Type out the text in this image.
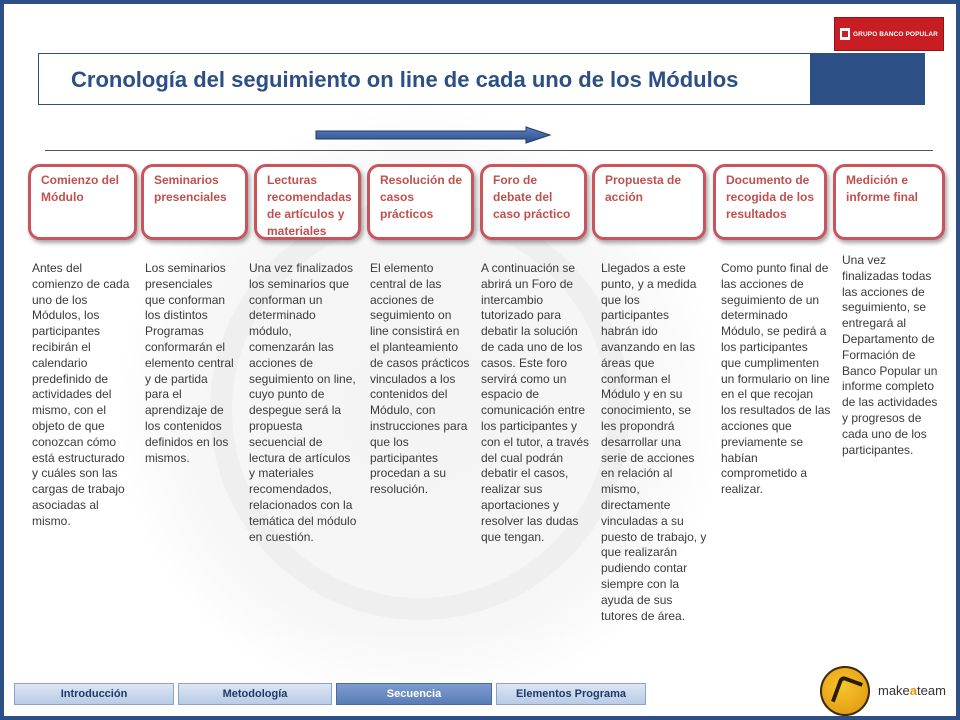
GRUPO BANCO POPULAR
Cronología del seguimiento on line de cada uno de los Módulos
Comienzo del Módulo
Seminarios presenciales
Lecturas recomendadas de artículos y materiales
Resolución de casos prácticos
Foro de debate del caso práctico
Propuesta de acción
Documento de recogida de los resultados
Medición e informe final
Antes del comienzo de cada uno de los Módulos, los participantes recibirán el calendario predefinido de actividades del mismo, con el objeto de que conozcan cómo está estructurado y cuáles son las cargas de trabajo asociadas al mismo.
Los seminarios presenciales que conforman los distintos Programas conformarán el elemento central y de partida para el aprendizaje de los contenidos definidos en los mismos.
Una vez finalizados los seminarios que conforman un determinado módulo, comenzarán las acciones de seguimiento on line, cuyo punto de despegue será la propuesta secuencial de lectura de artículos y materiales recomendados, relacionados con la temática del módulo en cuestión.
El elemento central de las acciones de seguimiento on line consistirá en el planteamiento de casos prácticos vinculados a los contenidos del Módulo, con instrucciones para que los participantes procedan a su resolución.
A continuación se abrirá un Foro de intercambio tutorizado para debatir la solución de cada uno de los casos. Este foro servirá como un espacio de comunicación entre los participantes y con el tutor, a través del cual podrán debatir el casos, realizar sus aportaciones y resolver las dudas que tengan.
Llegados a este punto, y a medida que los participantes habrán ido avanzando en las áreas que conforman el Módulo y en su conocimiento, se les propondrá desarrollar una serie de acciones en relación al mismo, directamente vinculadas a su puesto de trabajo, y que realizarán pudiendo contar siempre con la ayuda de sus tutores de área.
Como punto final de las acciones de seguimiento de un determinado Módulo, se pedirá a los participantes que cumplimenten un formulario on line en el que recojan los resultados de las acciones que previamente se habían comprometido a realizar.
Una vez finalizadas todas las acciones de seguimiento, se entregará al Departamento de Formación de Banco Popular un informe completo de las actividades y progresos de cada uno de los participantes.
Introducción	Metodología	Secuencia	Elementos Programa	makeateam
